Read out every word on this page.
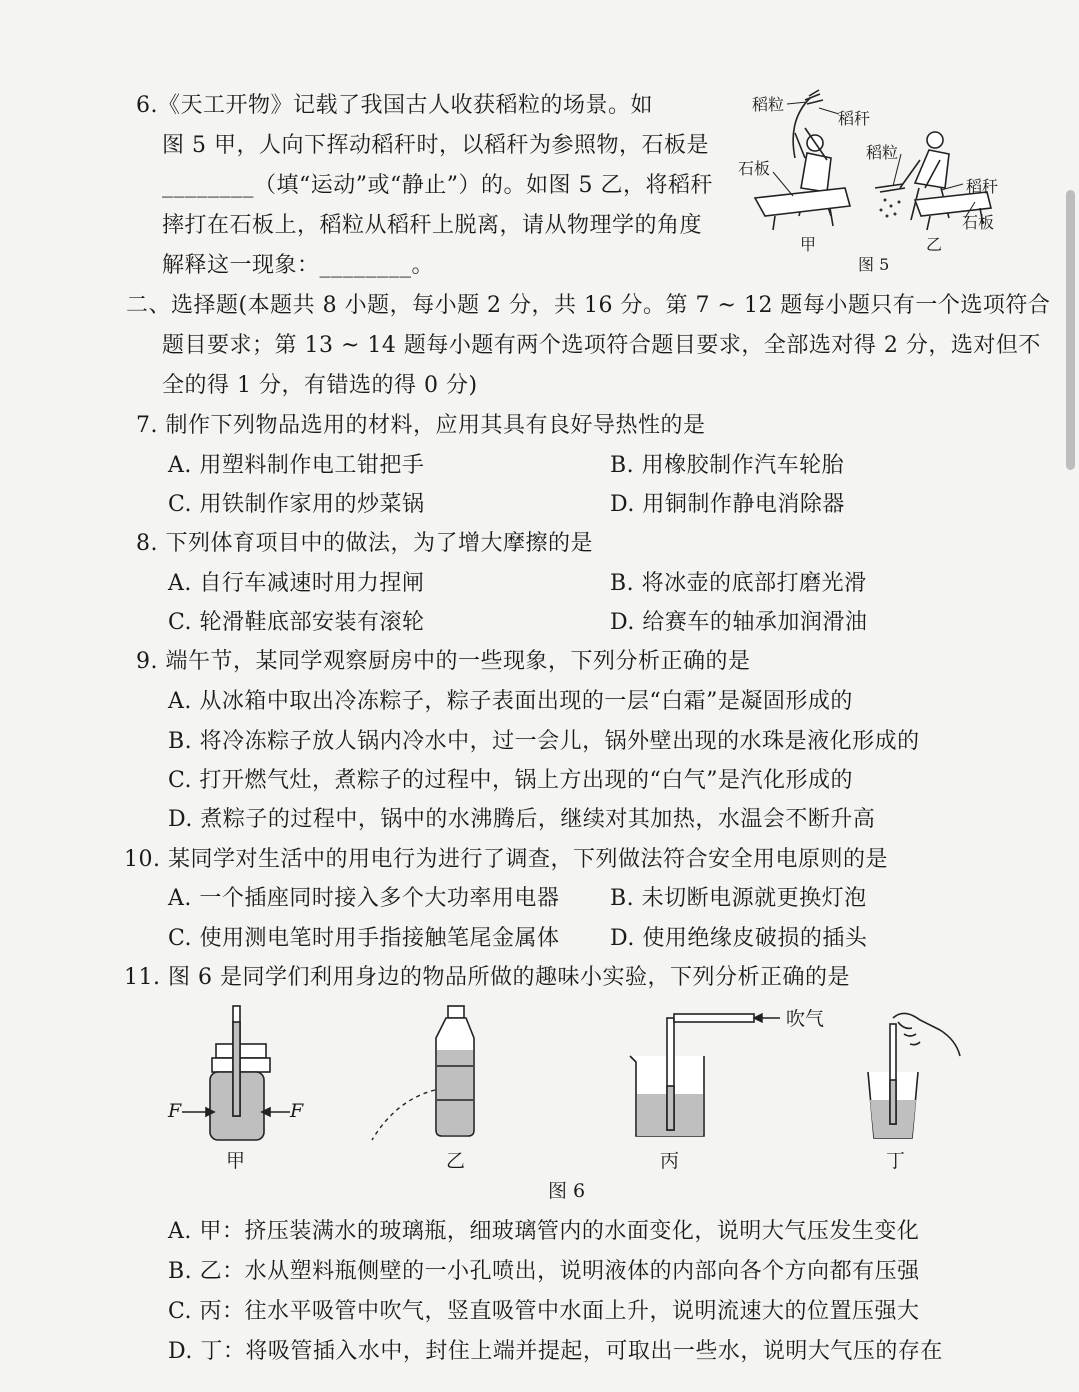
6.《天工开物》记载了我国古人收获稻粒的场景。如
图 5 甲，人向下挥动稻秆时，以稻秆为参照物，石板是
________（填“运动”或“静止”）的。如图 5 乙，将稻秆
摔打在石板上，稻粒从稻秆上脱离，请从物理学的角度
解释这一现象：________。
稻粒
稻秆
石板
甲
稻粒
稻秆
石板
乙
图 5
二、选择题(本题共 8 小题，每小题 2 分，共 16 分。第 7 ~ 12 题每小题只有一个选项符合
题目要求；第 13 ~ 14 题每小题有两个选项符合题目要求，全部选对得 2 分，选对但不
全的得 1 分，有错选的得 0 分)
7. 制作下列物品选用的材料，应用其具有良好导热性的是
A. 用塑料制作电工钳把手	B. 用橡胶制作汽车轮胎
C. 用铁制作家用的炒菜锅	D. 用铜制作静电消除器
8. 下列体育项目中的做法，为了增大摩擦的是
A. 自行车减速时用力捏闸	B. 将冰壶的底部打磨光滑
C. 轮滑鞋底部安装有滚轮	D. 给赛车的轴承加润滑油
9. 端午节，某同学观察厨房中的一些现象，下列分析正确的是
A. 从冰箱中取出冷冻粽子，粽子表面出现的一层“白霜”是凝固形成的
B. 将冷冻粽子放人锅内冷水中，过一会儿，锅外壁出现的水珠是液化形成的
C. 打开燃气灶，煮粽子的过程中，锅上方出现的“白气”是汽化形成的
D. 煮粽子的过程中，锅中的水沸腾后，继续对其加热，水温会不断升高
10. 某同学对生活中的用电行为进行了调查，下列做法符合安全用电原则的是
A. 一个插座同时接入多个大功率用电器 B. 未切断电源就更换灯泡
C. 使用测电笔时用手指接触笔尾金属体 D. 使用绝缘皮破损的插头
11. 图 6 是同学们利用身边的物品所做的趣味小实验，下列分析正确的是
F	F
吹气
甲	乙	丙	丁
图 6
A. 甲：挤压装满水的玻璃瓶，细玻璃管内的水面变化，说明大气压发生变化
B. 乙：水从塑料瓶侧壁的一小孔喷出，说明液体的内部向各个方向都有压强
C. 丙：往水平吸管中吹气，竖直吸管中水面上升，说明流速大的位置压强大
D. 丁：将吸管插入水中，封住上端并提起，可取出一些水，说明大气压的存在
